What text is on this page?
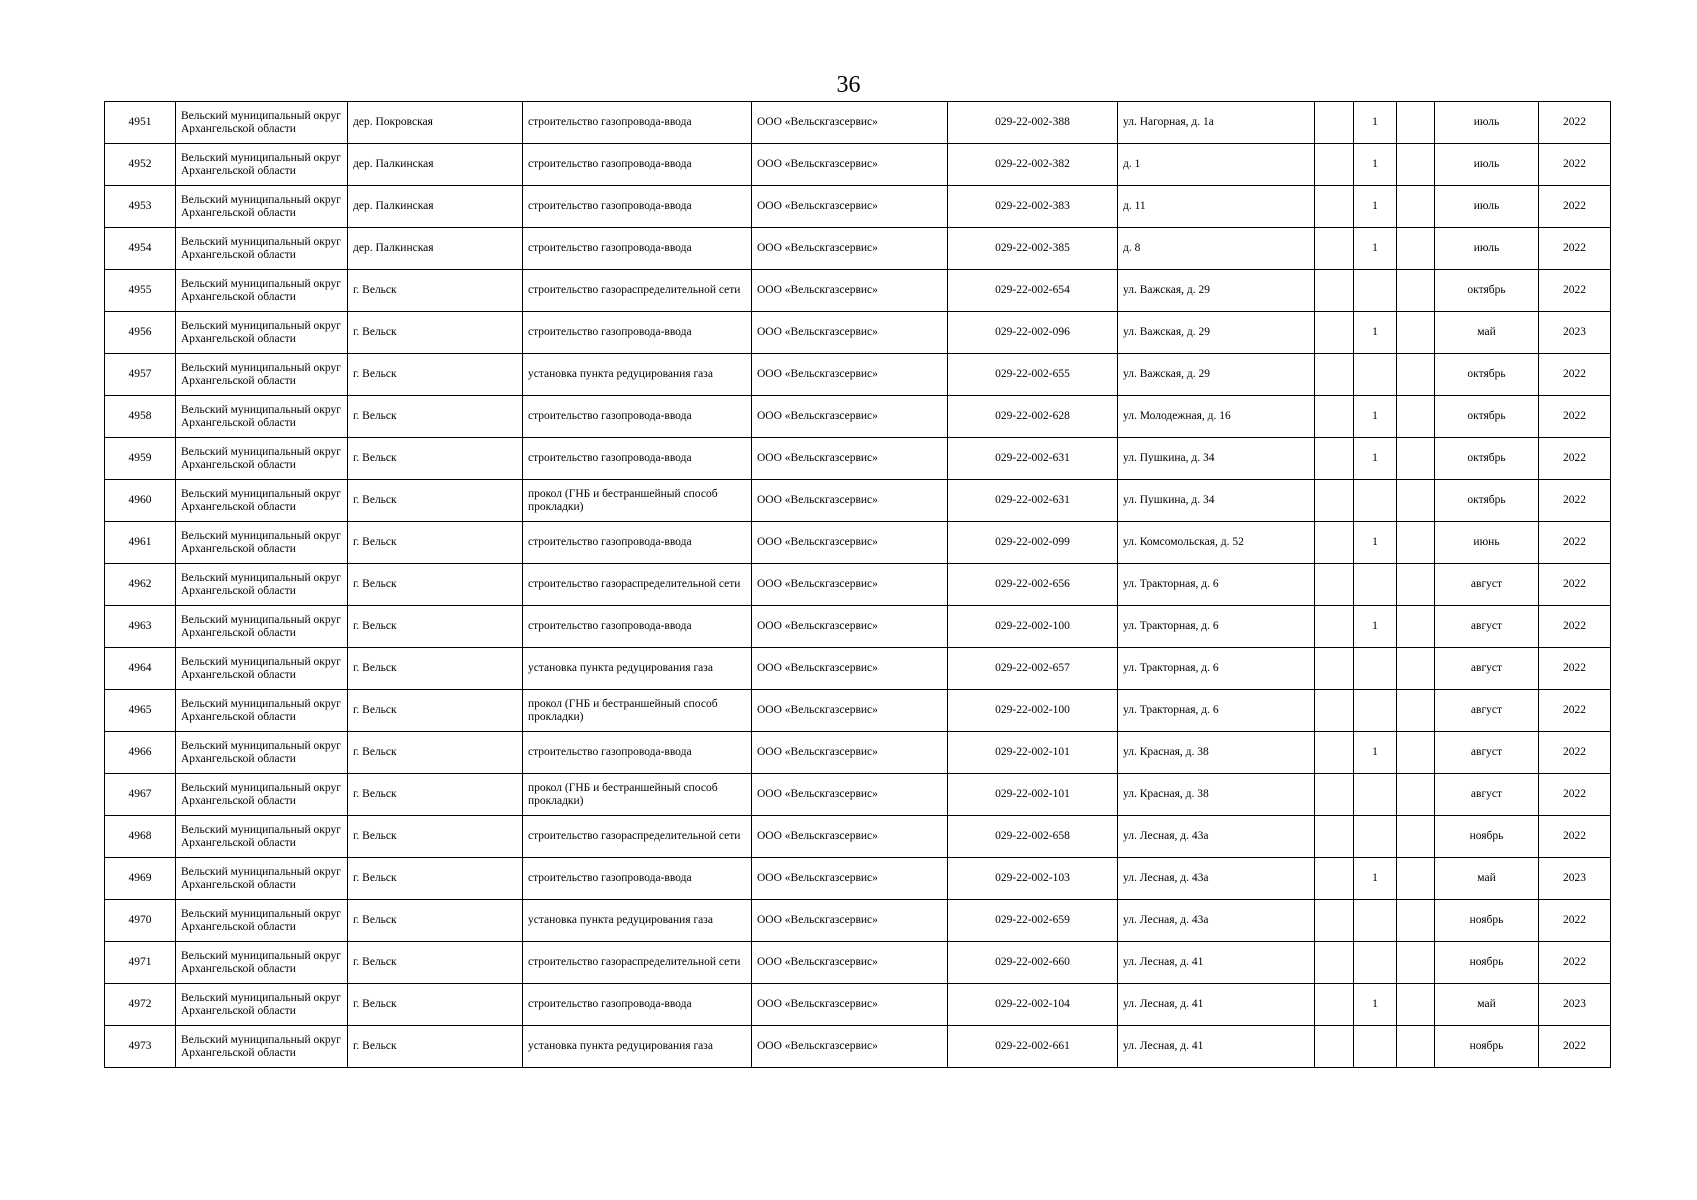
36
4951	Вельский муниципальный округ Архангельской области	дер. Покровская	строительство газопровода-ввода	ООО «Вельскгазсервис»	029-22-002-388	ул. Нагорная, д. 1а		1		июль	2022
4952	Вельский муниципальный округ Архангельской области	дер. Палкинская	строительство газопровода-ввода	ООО «Вельскгазсервис»	029-22-002-382	д. 1		1		июль	2022
4953	Вельский муниципальный округ Архангельской области	дер. Палкинская	строительство газопровода-ввода	ООО «Вельскгазсервис»	029-22-002-383	д. 11		1		июль	2022
4954	Вельский муниципальный округ Архангельской области	дер. Палкинская	строительство газопровода-ввода	ООО «Вельскгазсервис»	029-22-002-385	д. 8		1		июль	2022
4955	Вельский муниципальный округ Архангельской области	г. Вельск	строительство газораспределительной сети	ООО «Вельскгазсервис»	029-22-002-654	ул. Важская, д. 29				октябрь	2022
4956	Вельский муниципальный округ Архангельской области	г. Вельск	строительство газопровода-ввода	ООО «Вельскгазсервис»	029-22-002-096	ул. Важская, д. 29		1		май	2023
4957	Вельский муниципальный округ Архангельской области	г. Вельск	установка пункта редуцирования газа	ООО «Вельскгазсервис»	029-22-002-655	ул. Важская, д. 29				октябрь	2022
4958	Вельский муниципальный округ Архангельской области	г. Вельск	строительство газопровода-ввода	ООО «Вельскгазсервис»	029-22-002-628	ул. Молодежная, д. 16		1		октябрь	2022
4959	Вельский муниципальный округ Архангельской области	г. Вельск	строительство газопровода-ввода	ООО «Вельскгазсервис»	029-22-002-631	ул. Пушкина, д. 34		1		октябрь	2022
4960	Вельский муниципальный округ Архангельской области	г. Вельск	прокол (ГНБ и бестраншейный способ прокладки)	ООО «Вельскгазсервис»	029-22-002-631	ул. Пушкина, д. 34				октябрь	2022
4961	Вельский муниципальный округ Архангельской области	г. Вельск	строительство газопровода-ввода	ООО «Вельскгазсервис»	029-22-002-099	ул. Комсомольская, д. 52		1		июнь	2022
4962	Вельский муниципальный округ Архангельской области	г. Вельск	строительство газораспределительной сети	ООО «Вельскгазсервис»	029-22-002-656	ул. Тракторная, д. 6				август	2022
4963	Вельский муниципальный округ Архангельской области	г. Вельск	строительство газопровода-ввода	ООО «Вельскгазсервис»	029-22-002-100	ул. Тракторная, д. 6		1		август	2022
4964	Вельский муниципальный округ Архангельской области	г. Вельск	установка пункта редуцирования газа	ООО «Вельскгазсервис»	029-22-002-657	ул. Тракторная, д. 6				август	2022
4965	Вельский муниципальный округ Архангельской области	г. Вельск	прокол (ГНБ и бестраншейный способ прокладки)	ООО «Вельскгазсервис»	029-22-002-100	ул. Тракторная, д. 6				август	2022
4966	Вельский муниципальный округ Архангельской области	г. Вельск	строительство газопровода-ввода	ООО «Вельскгазсервис»	029-22-002-101	ул. Красная, д. 38		1		август	2022
4967	Вельский муниципальный округ Архангельской области	г. Вельск	прокол (ГНБ и бестраншейный способ прокладки)	ООО «Вельскгазсервис»	029-22-002-101	ул. Красная, д. 38				август	2022
4968	Вельский муниципальный округ Архангельской области	г. Вельск	строительство газораспределительной сети	ООО «Вельскгазсервис»	029-22-002-658	ул. Лесная, д. 43а				ноябрь	2022
4969	Вельский муниципальный округ Архангельской области	г. Вельск	строительство газопровода-ввода	ООО «Вельскгазсервис»	029-22-002-103	ул. Лесная, д. 43а		1		май	2023
4970	Вельский муниципальный округ Архангельской области	г. Вельск	установка пункта редуцирования газа	ООО «Вельскгазсервис»	029-22-002-659	ул. Лесная, д. 43а				ноябрь	2022
4971	Вельский муниципальный округ Архангельской области	г. Вельск	строительство газораспределительной сети	ООО «Вельскгазсервис»	029-22-002-660	ул. Лесная, д. 41				ноябрь	2022
4972	Вельский муниципальный округ Архангельской области	г. Вельск	строительство газопровода-ввода	ООО «Вельскгазсервис»	029-22-002-104	ул. Лесная, д. 41		1		май	2023
4973	Вельский муниципальный округ Архангельской области	г. Вельск	установка пункта редуцирования газа	ООО «Вельскгазсервис»	029-22-002-661	ул. Лесная, д. 41				ноябрь	2022
